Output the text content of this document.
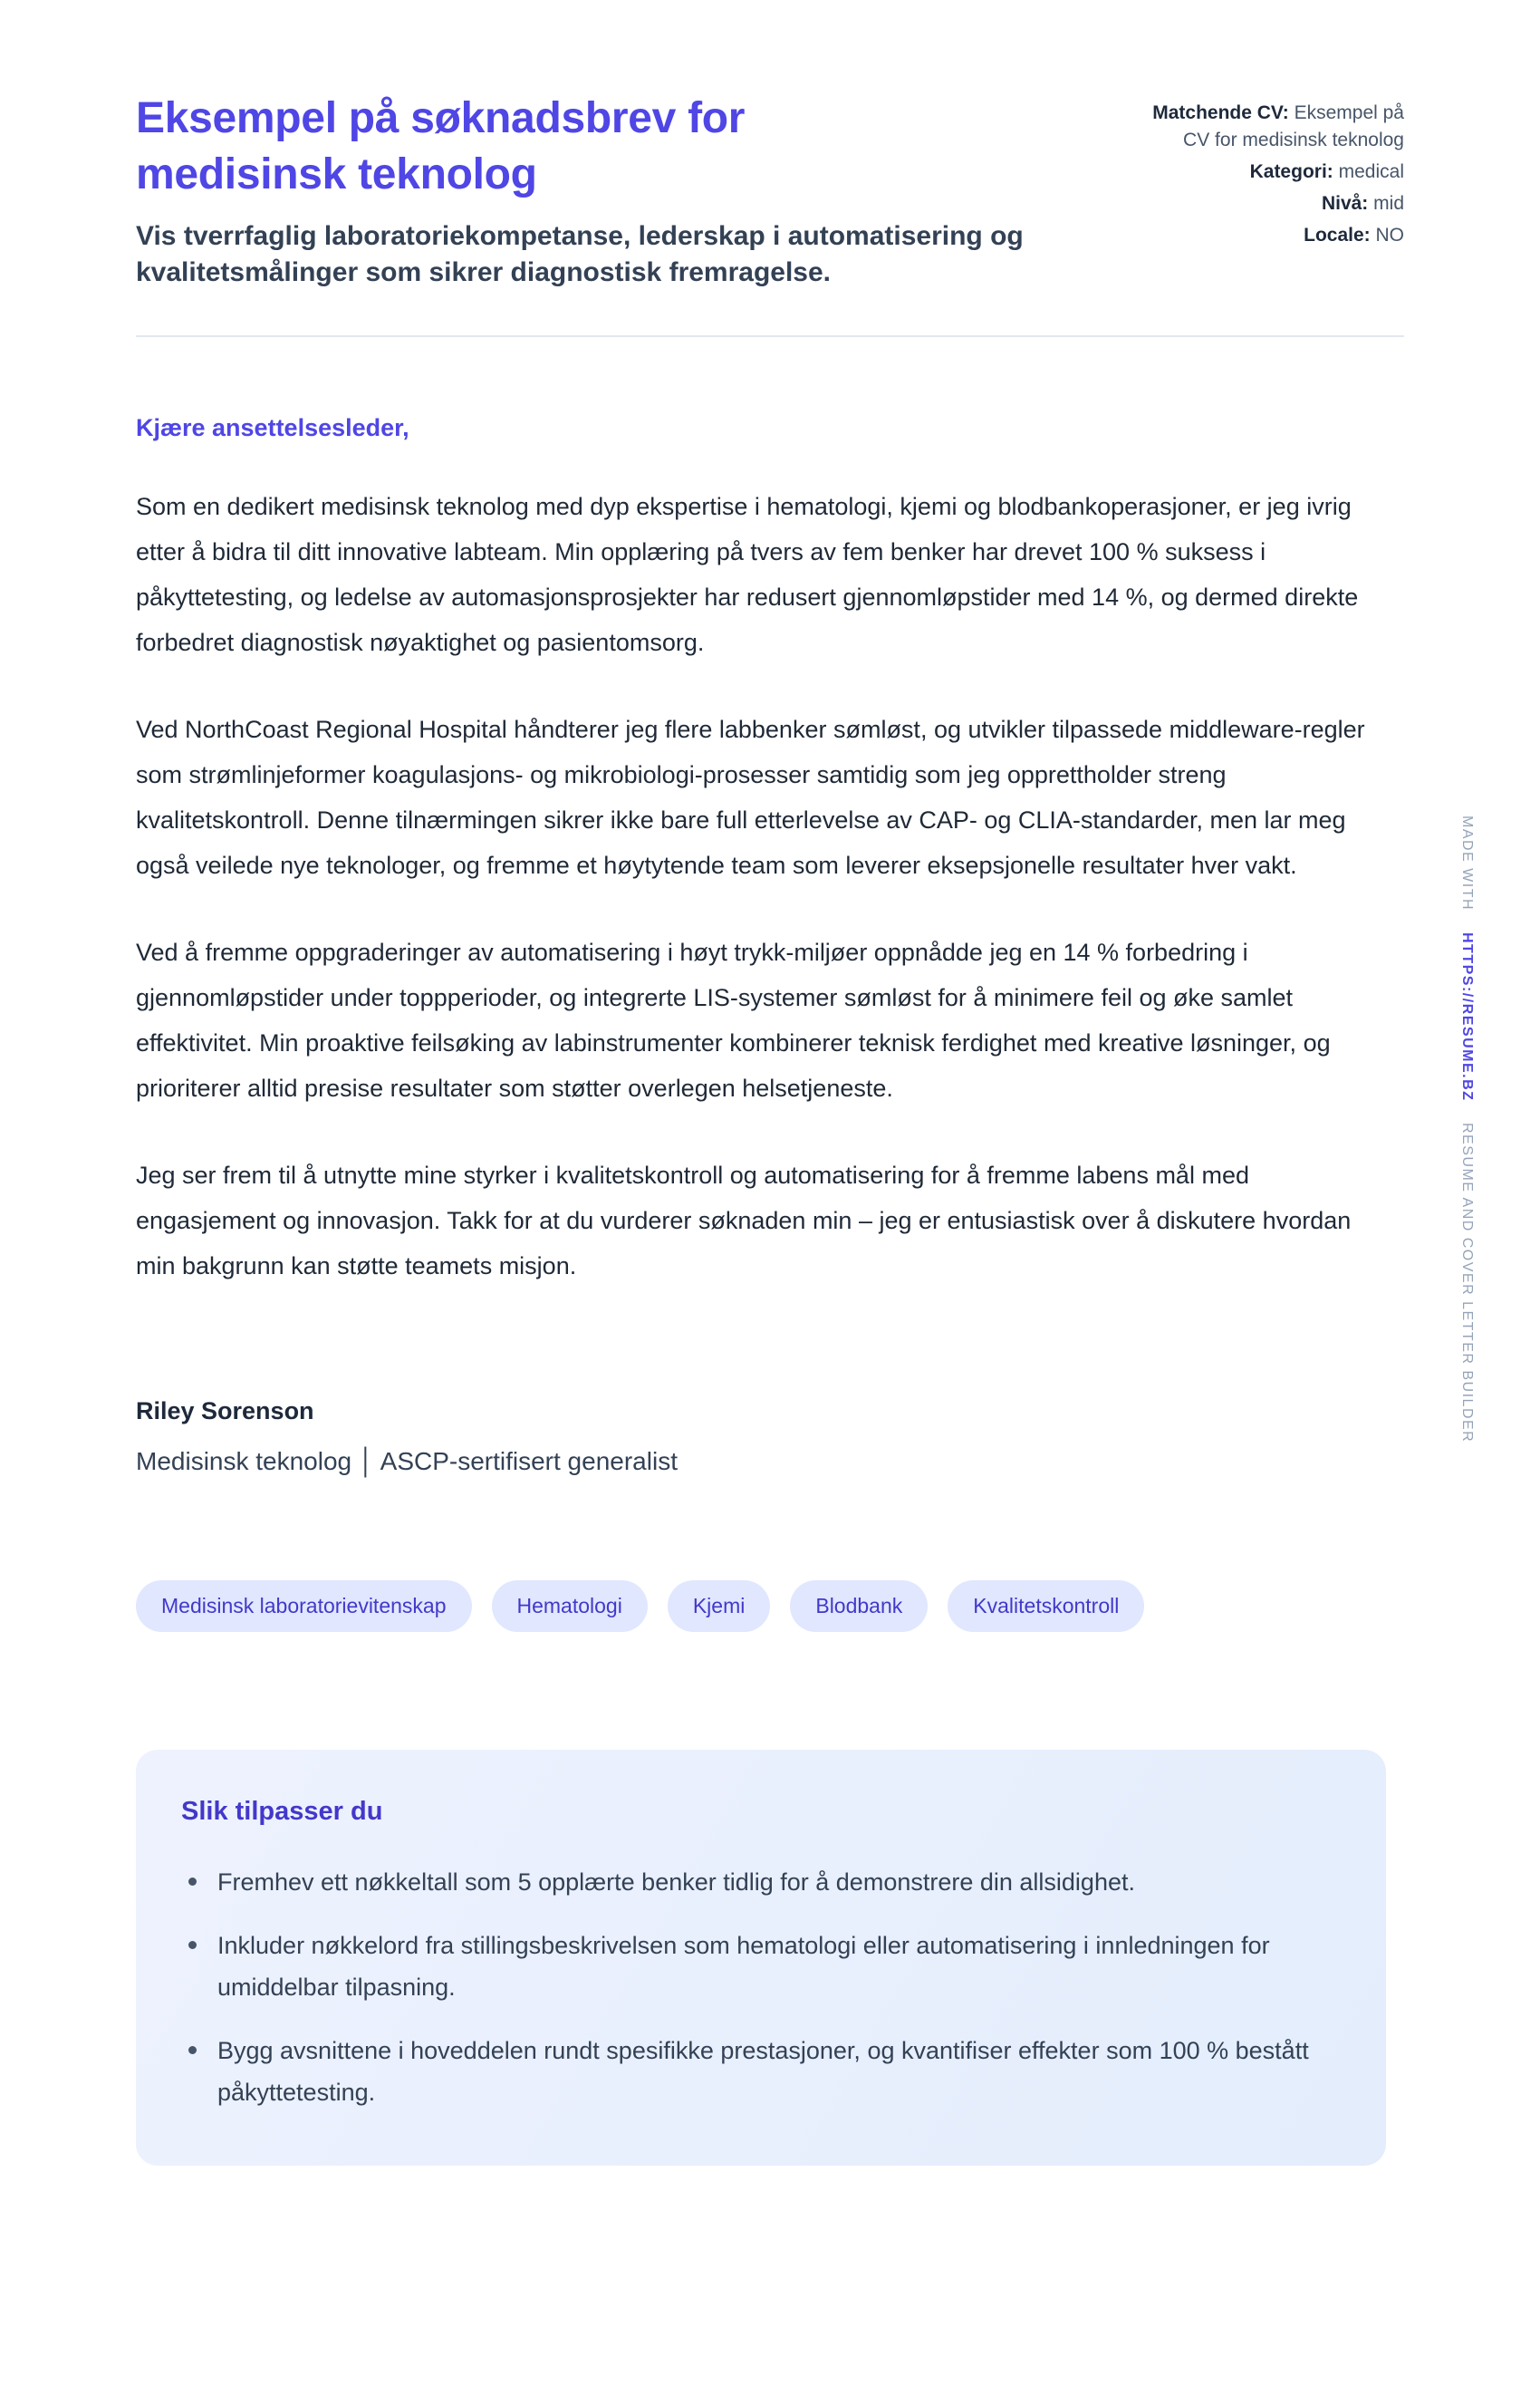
MADE WITH HTTPS://RESUME.BZ RESUME AND COVER LETTER BUILDER
Eksempel på søknadsbrev for medisinsk teknolog

Vis tverrfaglig laboratoriekompetanse, lederskap i automatisering og kvalitetsmålinger som sikrer diagnostisk fremragelse.

Matchende CV: Eksempel på CV for medisinsk teknolog

Kategori: medical

Nivå: mid

Locale: NO

Kjære ansettelsesleder,

Som en dedikert medisinsk teknolog med dyp ekspertise i hematologi, kjemi og blodbankoperasjoner, er jeg ivrig etter å bidra til ditt innovative labteam. Min opplæring på tvers av fem benker har drevet 100 % suksess i påkyttetesting, og ledelse av automasjonsprosjekter har redusert gjennomløpstider med 14 %, og dermed direkte forbedret diagnostisk nøyaktighet og pasientomsorg.

Ved NorthCoast Regional Hospital håndterer jeg flere labbenker sømløst, og utvikler tilpassede middleware-regler som strømlinjeformer koagulasjons- og mikrobiologi-prosesser samtidig som jeg opprettholder streng kvalitetskontroll. Denne tilnærmingen sikrer ikke bare full etterlevelse av CAP- og CLIA-standarder, men lar meg også veilede nye teknologer, og fremme et høytytende team som leverer eksepsjonelle resultater hver vakt.

Ved å fremme oppgraderinger av automatisering i høyt trykk-miljøer oppnådde jeg en 14 % forbedring i gjennomløpstider under toppperioder, og integrerte LIS-systemer sømløst for å minimere feil og øke samlet effektivitet. Min proaktive feilsøking av labinstrumenter kombinerer teknisk ferdighet med kreative løsninger, og prioriterer alltid presise resultater som støtter overlegen helsetjeneste.

Jeg ser frem til å utnytte mine styrker i kvalitetskontroll og automatisering for å fremme labens mål med engasjement og innovasjon. Takk for at du vurderer søknaden min – jeg er entusiastisk over å diskutere hvordan min bakgrunn kan støtte teamets misjon.

Riley Sorenson

Medisinsk teknolog │ ASCP-sertifisert generalist

Medisinsk laboratorievitenskap	Hematologi	Kjemi	Blodbank	Kvalitetskontroll
Slik tilpasser du
Fremhev ett nøkkeltall som 5 opplærte benker tidlig for å demonstrere din allsidighet.
Inkluder nøkkelord fra stillingsbeskrivelsen som hematologi eller automatisering i innledningen for umiddelbar tilpasning.
Bygg avsnittene i hoveddelen rundt spesifikke prestasjoner, og kvantifiser effekter som 100 % bestått påkyttetesting.
